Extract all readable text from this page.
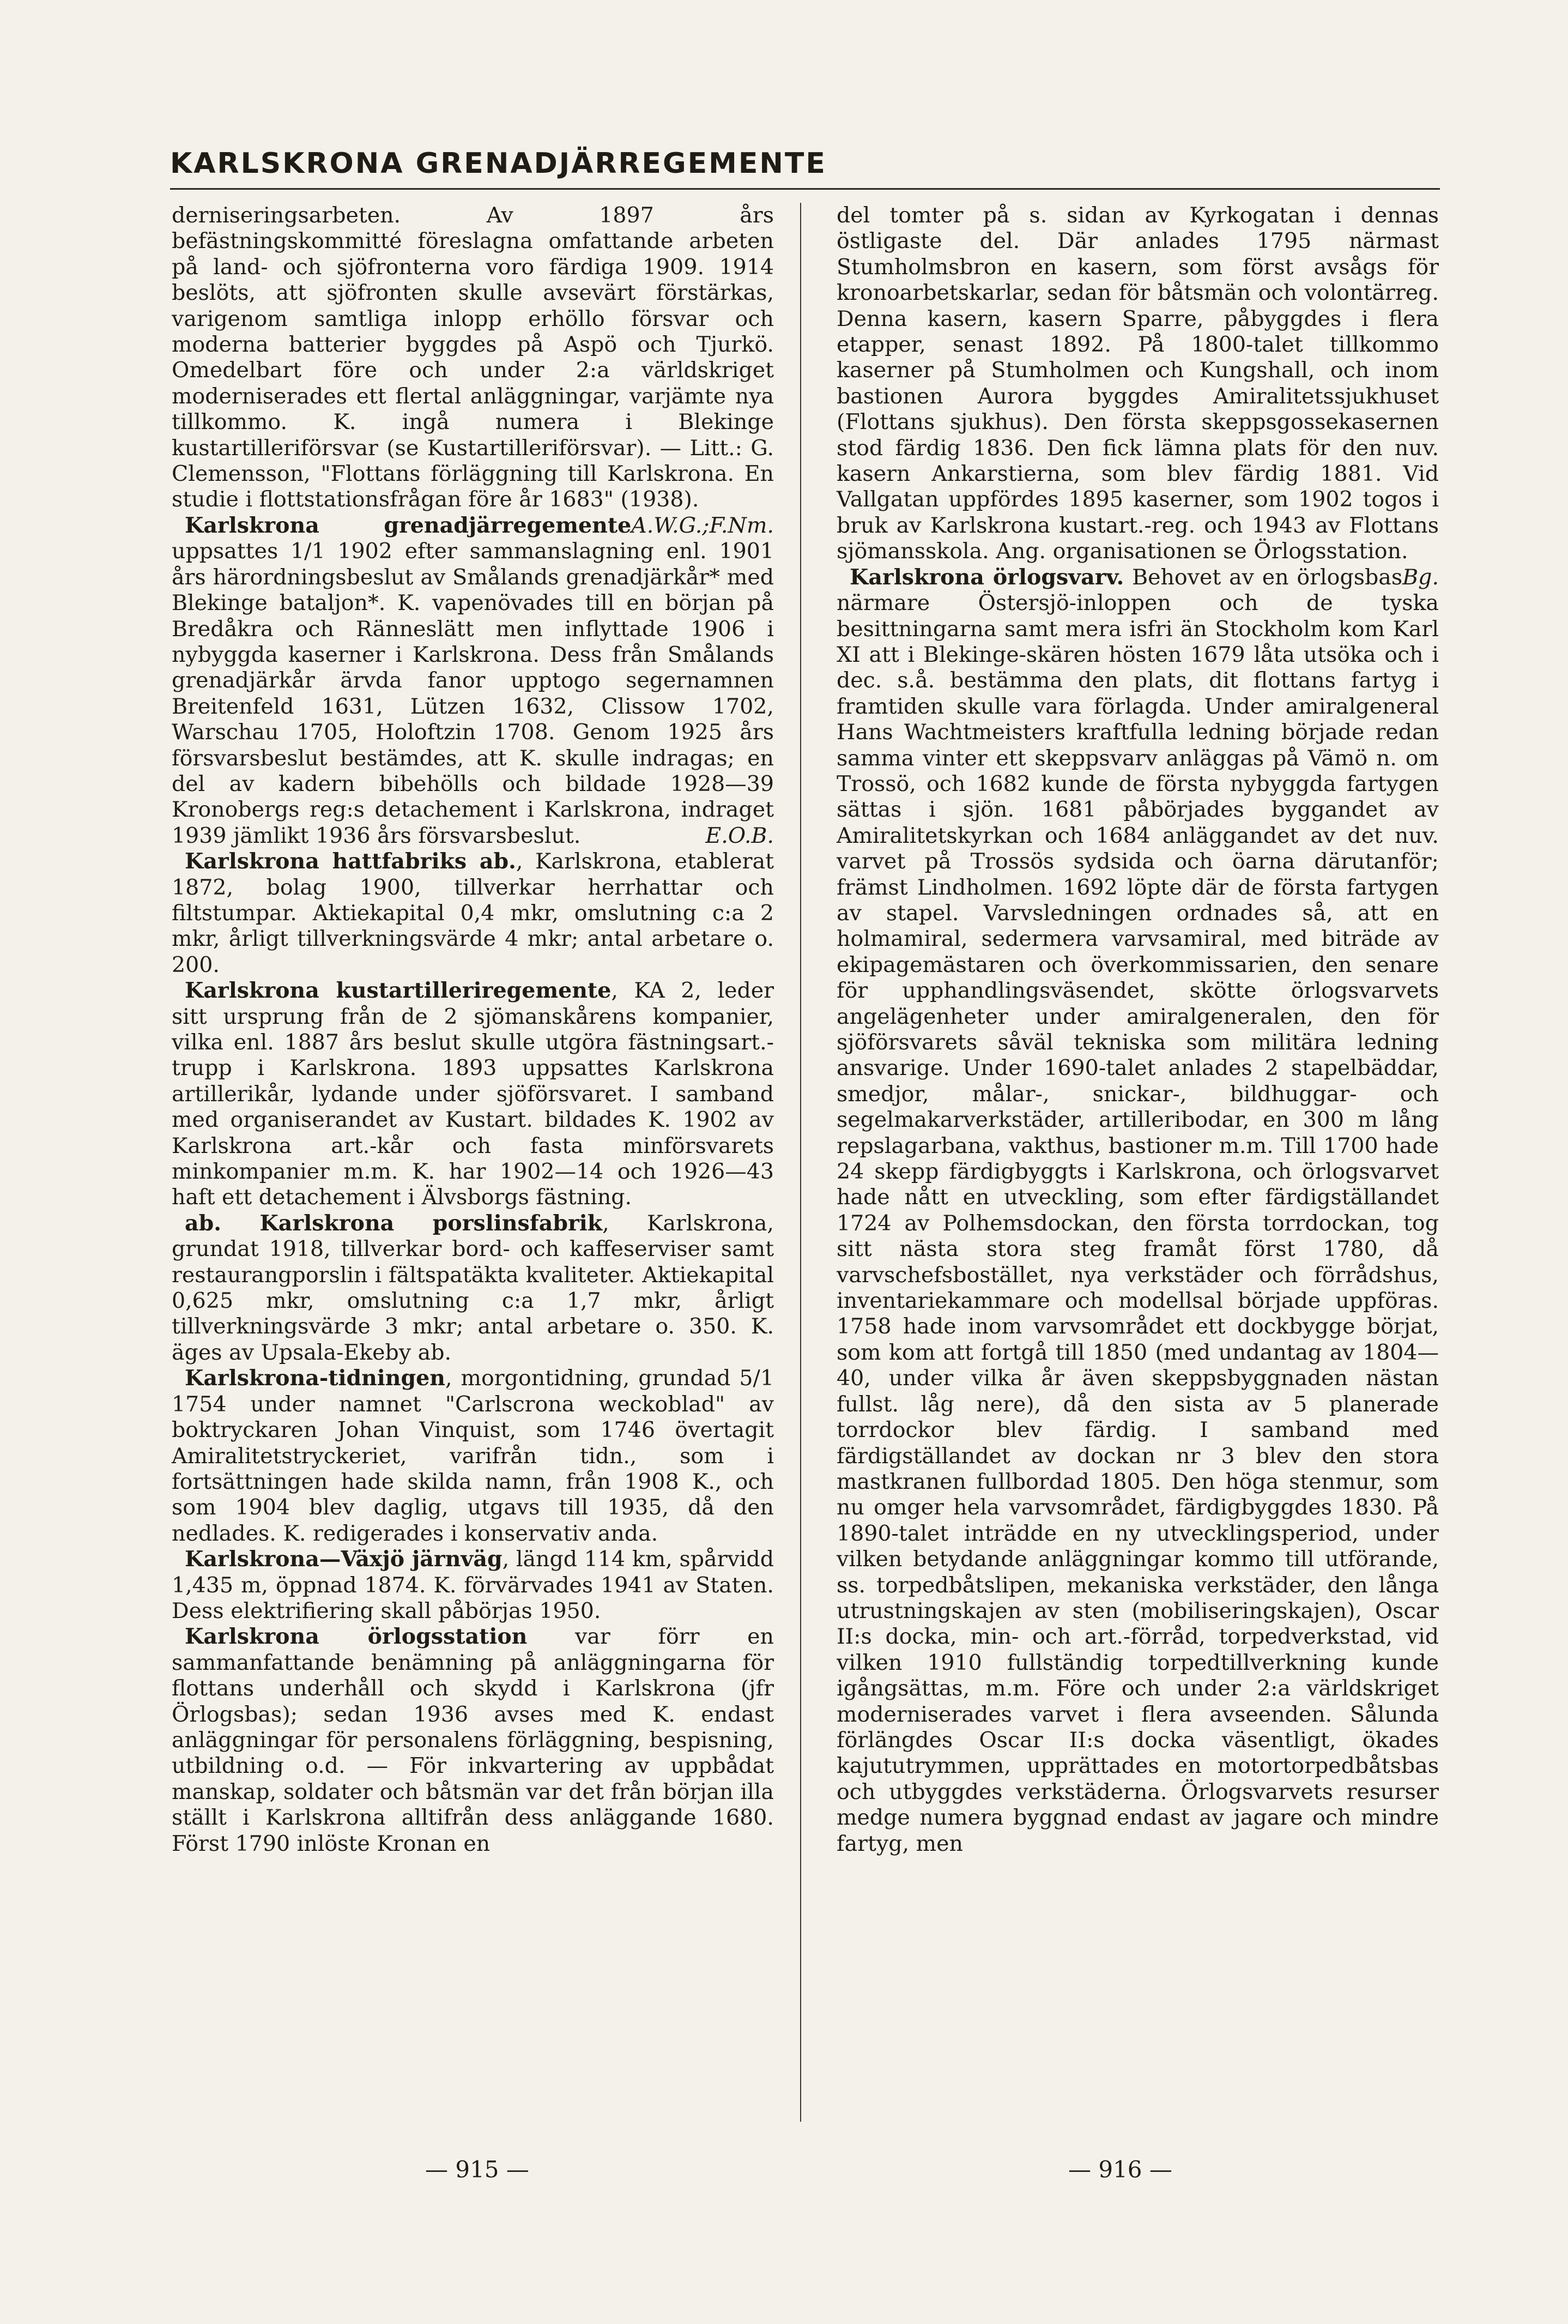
KARLSKRONA GRENADJÄRREGEMENTE

derniseringsarbeten. Av 1897 års befästningskommitté föreslagna omfattande arbeten på land- och sjöfronterna voro färdiga 1909. 1914 beslöts, att sjöfronten skulle avsevärt förstärkas, varigenom samtliga inlopp erhöllo försvar och moderna batterier byggdes på Aspö och Tjurkö. Omedelbart före och under 2:a världskriget moderniserades ett flertal anläggningar, varjämte nya tillkommo. K. ingå numera i Blekinge kustartilleriförsvar (se Kustartilleriförsvar). — Litt.: G. Clemensson, "Flottans förläggning till Karlskrona. En studie i flottstationsfrågan före år 1683" (1938).
A.W.G.;F.Nm.

Karlskrona grenadjärregemente uppsattes 1/1 1902 efter sammanslagning enl. 1901 års härordningsbeslut av Smålands grenadjärkår* med Blekinge bataljon*. K. vapenövades till en början på Bredåkra och Ränneslätt men inflyttade 1906 i nybyggda kaserner i Karlskrona. Dess från Smålands grenadjärkår ärvda fanor upptogo segernamnen Breitenfeld 1631, Lützen 1632, Clissow 1702, Warschau 1705, Holoftzin 1708. Genom 1925 års försvarsbeslut bestämdes, att K. skulle indragas; en del av kadern bibehölls och bildade 1928—39 Kronobergs reg:s detachement i Karlskrona, indraget 1939 jämlikt 1936 års försvarsbeslut.	E.O.B.

Karlskrona hattfabriks ab., Karlskrona, etablerat 1872, bolag 1900, tillverkar herrhattar och filtstumpar. Aktiekapital 0,4 mkr, omslutning c:a 2 mkr, årligt tillverkningsvärde 4 mkr; antal arbetare o. 200.

Karlskrona kustartilleriregemente, KA 2, leder sitt ursprung från de 2 sjömanskårens kompanier, vilka enl. 1887 års beslut skulle utgöra fästningsart.-trupp i Karlskrona. 1893 uppsattes Karlskrona artillerikår, lydande under sjöförsvaret. I samband med organiserandet av Kustart. bildades K. 1902 av Karlskrona art.-kår och fasta minförsvarets minkompanier m.m. K. har 1902—14 och 1926—43 haft ett detachement i Älvsborgs fästning.

ab. Karlskrona porslinsfabrik, Karlskrona, grundat 1918, tillverkar bord- och kaffeserviser samt restaurangporslin i fältspatäkta kvaliteter. Aktiekapital 0,625 mkr, omslutning c:a 1,7 mkr, årligt tillverkningsvärde 3 mkr; antal arbetare o. 350. K. äges av Upsala-Ekeby ab.

Karlskrona-tidningen, morgontidning, grundad 5/1 1754 under namnet "Carlscrona weckoblad" av boktryckaren Johan Vinquist, som 1746 övertagit Amiralitetstryckeriet, varifrån tidn., som i fortsättningen hade skilda namn, från 1908 K., och som 1904 blev daglig, utgavs till 1935, då den nedlades. K. redigerades i konservativ anda.

Karlskrona—Växjö järnväg, längd 114 km, spårvidd 1,435 m, öppnad 1874. K. förvärvades 1941 av Staten. Dess elektrifiering skall påbörjas 1950.

Karlskrona örlogsstation var förr en sammanfattande benämning på anläggningarna för flottans underhåll och skydd i Karlskrona (jfr Örlogsbas); sedan 1936 avses med K. endast anläggningar för personalens förläggning, bespisning, utbildning o.d. — För inkvartering av uppbådat manskap, soldater och båtsmän var det från början illa ställt i Karlskrona alltifrån dess anläggande 1680. Först 1790 inlöste Kronan en

del tomter på s. sidan av Kyrkogatan i dennas östligaste del. Där anlades 1795 närmast Stumholmsbron en kasern, som först avsågs för kronoarbetskarlar, sedan för båtsmän och volontärreg. Denna kasern, kasern Sparre, påbyggdes i flera etapper, senast 1892. På 1800-talet tillkommo kaserner på Stumholmen och Kungshall, och inom bastionen Aurora byggdes Amiralitetssjukhuset (Flottans sjukhus). Den första skeppsgossekasernen stod färdig 1836. Den fick lämna plats för den nuv. kasern Ankarstierna, som blev färdig 1881. Vid Vallgatan uppfördes 1895 kaserner, som 1902 togos i bruk av Karlskrona kustart.-reg. och 1943 av Flottans sjömansskola. Ang. organisationen se Örlogsstation.
Bg.

Karlskrona örlogsvarv. Behovet av en örlogsbas närmare Östersjö-inloppen och de tyska besittningarna samt mera isfri än Stockholm kom Karl XI att i Blekinge-skären hösten 1679 låta utsöka och i dec. s.å. bestämma den plats, dit flottans fartyg i framtiden skulle vara förlagda. Under amiralgeneral Hans Wachtmeisters kraftfulla ledning började redan samma vinter ett skeppsvarv anläggas på Vämö n. om Trossö, och 1682 kunde de första nybyggda fartygen sättas i sjön. 1681 påbörjades byggandet av Amiralitetskyrkan och 1684 anläggandet av det nuv. varvet på Trossös sydsida och öarna därutanför; främst Lindholmen. 1692 löpte där de första fartygen av stapel. Varvsledningen ordnades så, att en holmamiral, sedermera varvsamiral, med biträde av ekipagemästaren och överkommissarien, den senare för upphandlingsväsendet, skötte örlogsvarvets angelägenheter under amiralgeneralen, den för sjöförsvarets såväl tekniska som militära ledning ansvarige. Under 1690-talet anlades 2 stapelbäddar, smedjor, målar-, snickar-, bildhuggar- och segelmakarverkstäder, artilleribodar, en 300 m lång repslagarbana, vakthus, bastioner m.m. Till 1700 hade 24 skepp färdigbyggts i Karlskrona, och örlogsvarvet hade nått en utveckling, som efter färdigställandet 1724 av Polhemsdockan, den första torrdockan, tog sitt nästa stora steg framåt först 1780, då varvschefsbostället, nya verkstäder och förrådshus, inventariekammare och modellsal började uppföras. 1758 hade inom varvsområdet ett dockbygge börjat, som kom att fortgå till 1850 (med undantag av 1804—40, under vilka år även skeppsbyggnaden nästan fullst. låg nere), då den sista av 5 planerade torrdockor blev färdig. I samband med färdigställandet av dockan nr 3 blev den stora mastkranen fullbordad 1805. Den höga stenmur, som nu omger hela varvsområdet, färdigbyggdes 1830. På 1890-talet inträdde en ny utvecklingsperiod, under vilken betydande anläggningar kommo till utförande, ss. torpedbåtslipen, mekaniska verkstäder, den långa utrustningskajen av sten (mobiliseringskajen), Oscar II:s docka, min- och art.-förråd, torpedverkstad, vid vilken 1910 fullständig torpedtillverkning kunde igångsättas, m.m. Före och under 2:a världskriget moderniserades varvet i flera avseenden. Sålunda förlängdes Oscar II:s docka väsentligt, ökades kajututrymmen, upprättades en motortorpedbåtsbas och utbyggdes verkstäderna. Örlogsvarvets resurser medge numera byggnad endast av jagare och mindre fartyg, men

— 915 —	— 916 —
